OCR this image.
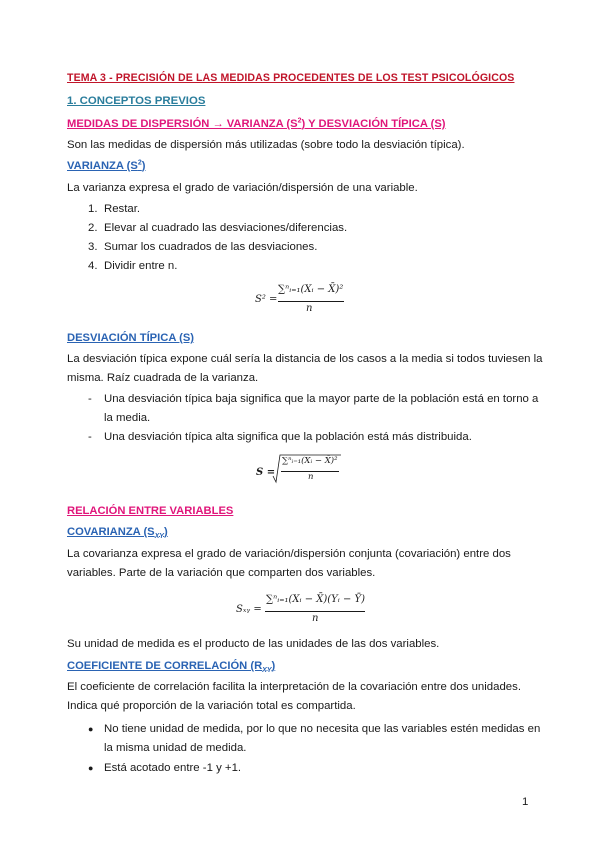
TEMA 3 - PRECISIÓN DE LAS MEDIDAS PROCEDENTES DE LOS TEST PSICOLÓGICOS
1. CONCEPTOS PREVIOS
MEDIDAS DE DISPERSIÓN → VARIANZA $(S^2)$ Y DESVIACIÓN TÍPICA (S)
Son las medidas de dispersión más utilizadas (sobre todo la desviación típica).
VARIANZA $(S^2)$
La varianza expresa el grado de variación/dispersión de una variable.
1. Restar.
2. Elevar al cuadrado las desviaciones/diferencias.
3. Sumar los cuadrados de las desviaciones.
4. Dividir entre n.
S² =
∑ⁿᵢ₌₁(Xᵢ − X̄)²
n
DESVIACIÓN TÍPICA (S)
La desviación típica expone cuál sería la distancia de los casos a la media si todos tuviesen la
misma. Raíz cuadrada de la varianza.
- Una desviación típica baja significa que la mayor parte de la población está en torno a
la media.
- Una desviación típica alta significa que la población está más distribuida.
S =
∑ⁿᵢ₌₁(Xᵢ − X̄)²
n
RELACIÓN ENTRE VARIABLES
COVARIANZA $(S_{XY})$
La covarianza expresa el grado de variación/dispersión conjunta (covariación) entre dos
variables. Parte de la variación que comparten dos variables.
Sₓᵧ =
∑ⁿᵢ₌₁(Xᵢ − X̄)(Yᵢ − Ȳ)
n
Su unidad de medida es el producto de las unidades de las dos variables.
COEFICIENTE DE CORRELACIÓN $(R_{XY})$
El coeficiente de correlación facilita la interpretación de la covariación entre dos unidades.
Indica qué proporción de la variación total es compartida.
● No tiene unidad de medida, por lo que no necesita que las variables estén medidas en
la misma unidad de medida.
● Está acotado entre -1 y +1.
1
